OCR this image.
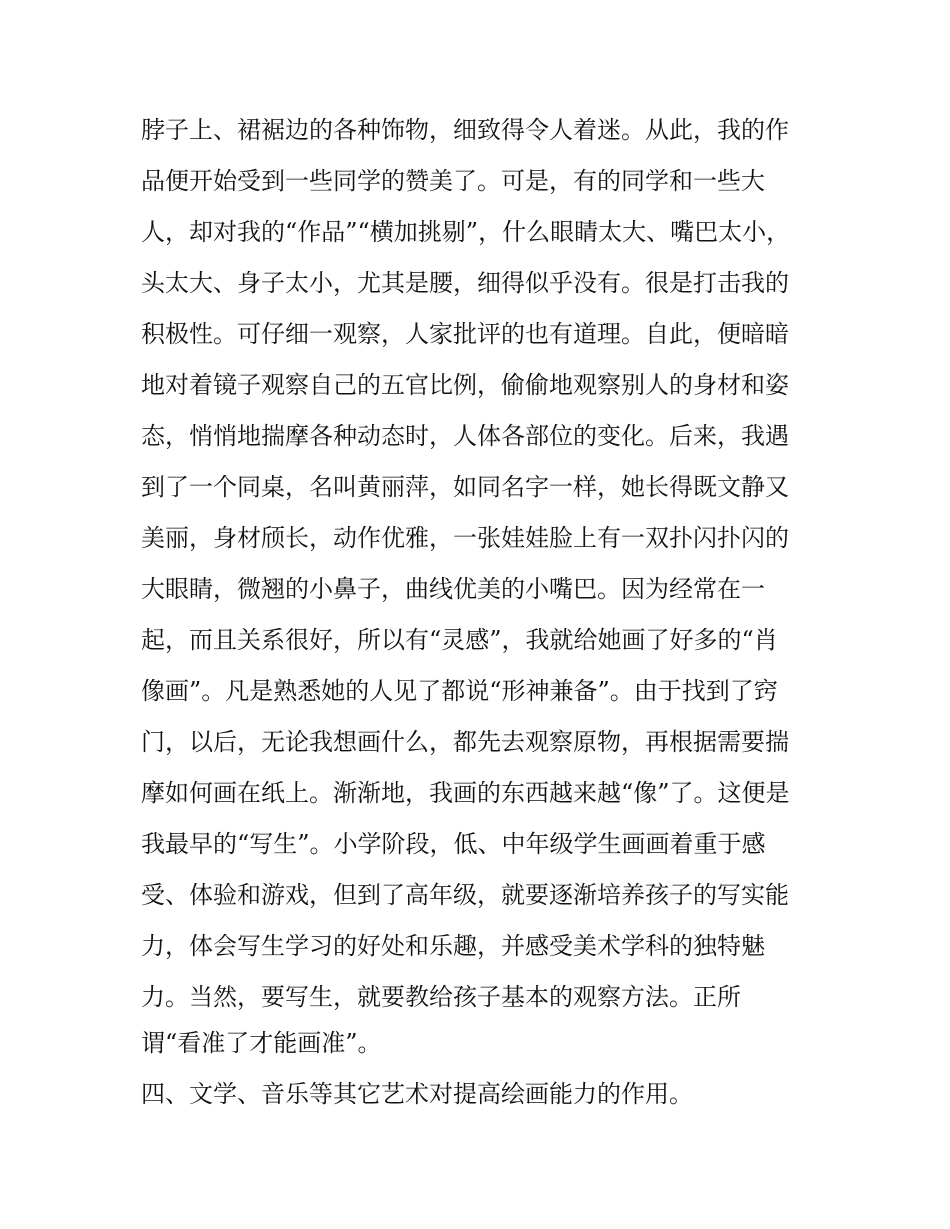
脖子上、裙裾边的各种饰物，细致得令人着迷。从此，我的作
品便开始受到一些同学的赞美了。可是，有的同学和一些大
人，却对我的“作品”“横加挑剔”，什么眼睛太大、嘴巴太小，
头太大、身子太小，尤其是腰，细得似乎没有。很是打击我的
积极性。可仔细一观察，人家批评的也有道理。自此，便暗暗
地对着镜子观察自己的五官比例，偷偷地观察别人的身材和姿
态，悄悄地揣摩各种动态时，人体各部位的变化。后来，我遇
到了一个同桌，名叫黄丽萍，如同名字一样，她长得既文静又
美丽，身材颀长，动作优雅，一张娃娃脸上有一双扑闪扑闪的
大眼睛，微翘的小鼻子，曲线优美的小嘴巴。因为经常在一
起，而且关系很好，所以有“灵感”，我就给她画了好多的“肖
像画”。凡是熟悉她的人见了都说“形神兼备”。由于找到了窍
门，以后，无论我想画什么，都先去观察原物，再根据需要揣
摩如何画在纸上。渐渐地，我画的东西越来越“像”了。这便是
我最早的“写生”。小学阶段，低、中年级学生画画着重于感
受、体验和游戏，但到了高年级，就要逐渐培养孩子的写实能
力，体会写生学习的好处和乐趣，并感受美术学科的独特魅
力。当然，要写生，就要教给孩子基本的观察方法。正所
谓“看准了才能画准”。
四、文学、音乐等其它艺术对提高绘画能力的作用。
